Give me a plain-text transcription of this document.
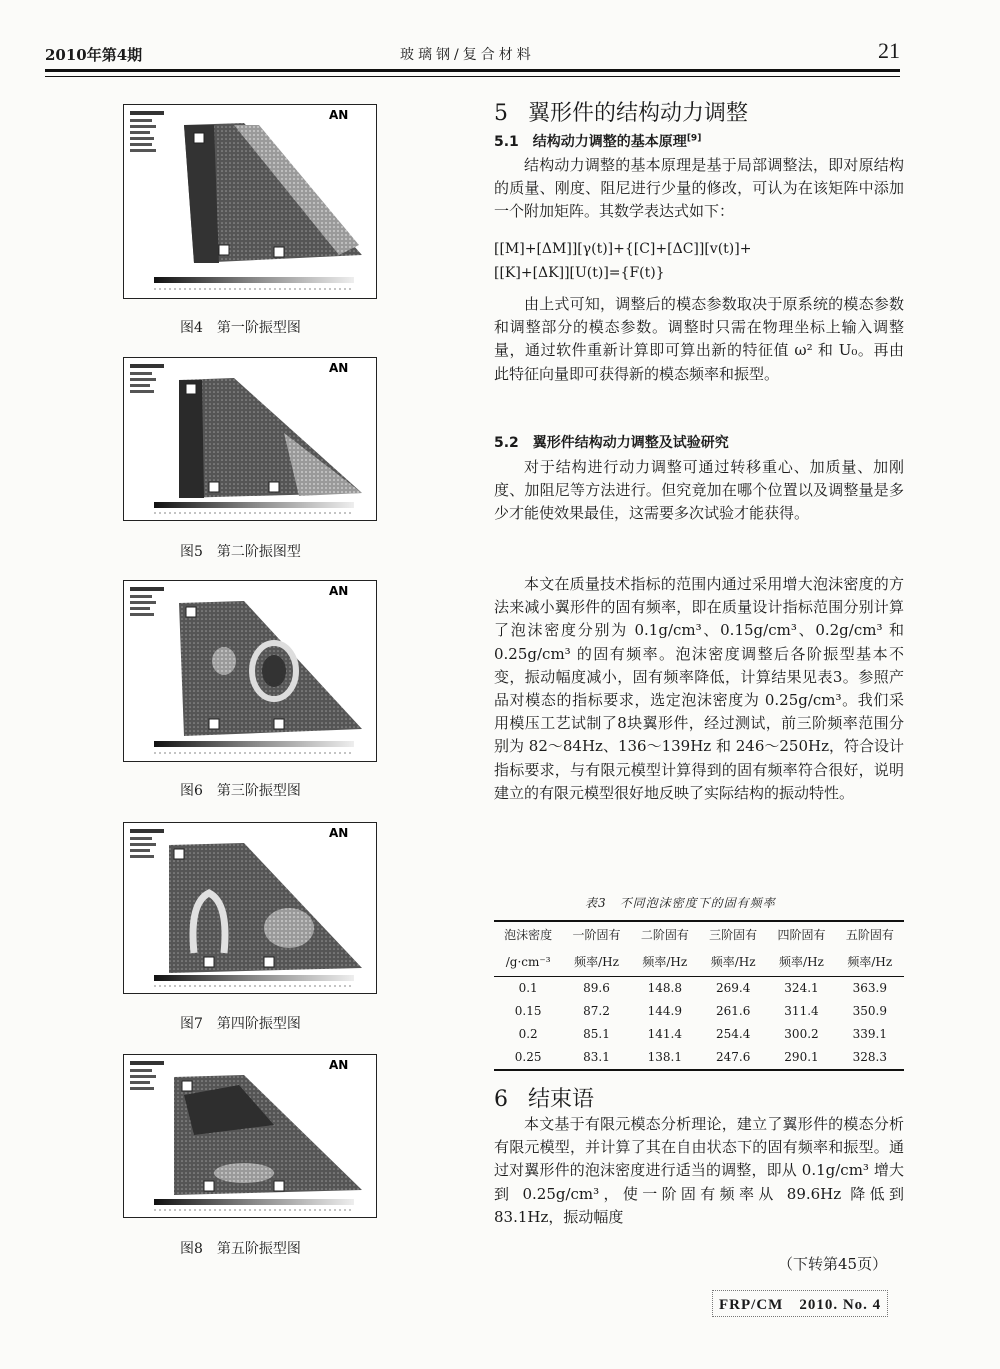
2010年第4期	玻璃钢/复合材料	21
AN
图4　第一阶振型图
AN
图5　第二阶振图型
AN
图6　第三阶振型图
AN
图7　第四阶振型图
AN
图8　第五阶振型图
5 翼形件的结构动力调整
5.1　结构动力调整的基本原理[9]
结构动力调整的基本原理是基于局部调整法，即对原结构的质量、刚度、阻尼进行少量的修改，可认为在该矩阵中添加一个附加矩阵。其数学表达式如下：
[[M]+[ΔM]][γ(t)]+{[C]+[ΔC]][v(t)]+
[[K]+[ΔK]][U(t)]={F(t)}
由上式可知，调整后的模态参数取决于原系统的模态参数和调整部分的模态参数。调整时只需在物理坐标上输入调整量，通过软件重新计算即可算出新的特征值 ω² 和 U₀。再由此特征向量即可获得新的模态频率和振型。
5.2　翼形件结构动力调整及试验研究
对于结构进行动力调整可通过转移重心、加质量、加刚度、加阻尼等方法进行。但究竟加在哪个位置以及调整量是多少才能使效果最佳，这需要多次试验才能获得。
本文在质量技术指标的范围内通过采用增大泡沫密度的方法来减小翼形件的固有频率，即在质量设计指标范围分别计算了泡沫密度分别为 0.1g/cm³、0.15g/cm³、0.2g/cm³ 和 0.25g/cm³ 的固有频率。泡沫密度调整后各阶振型基本不变，振动幅度减小，固有频率降低，计算结果见表3。参照产品对模态的指标要求，选定泡沫密度为 0.25g/cm³。我们采用模压工艺试制了8块翼形件，经过测试，前三阶频率范围分别为 82～84Hz、136～139Hz 和 246～250Hz，符合设计指标要求，与有限元模型计算得到的固有频率符合很好，说明建立的有限元模型很好地反映了实际结构的振动特性。
表3　不同泡沫密度下的固有频率
泡沫密度	一阶固有	二阶固有	三阶固有	四阶固有	五阶固有
/g·cm⁻³	频率/Hz	频率/Hz	频率/Hz	频率/Hz	频率/Hz
0.1	89.6	148.8	269.4	324.1	363.9
0.15	87.2	144.9	261.6	311.4	350.9
0.2	85.1	141.4	254.4	300.2	339.1
0.25	83.1	138.1	247.6	290.1	328.3
6 结束语
本文基于有限元模态分析理论，建立了翼形件的模态分析有限元模型，并计算了其在自由状态下的固有频率和振型。通过对翼形件的泡沫密度进行适当的调整，即从 0.1g/cm³ 增大到 0.25g/cm³，使一阶固有频率从 89.6Hz 降低到 83.1Hz，振动幅度
（下转第45页）
FRP/CM　2010. No. 4
